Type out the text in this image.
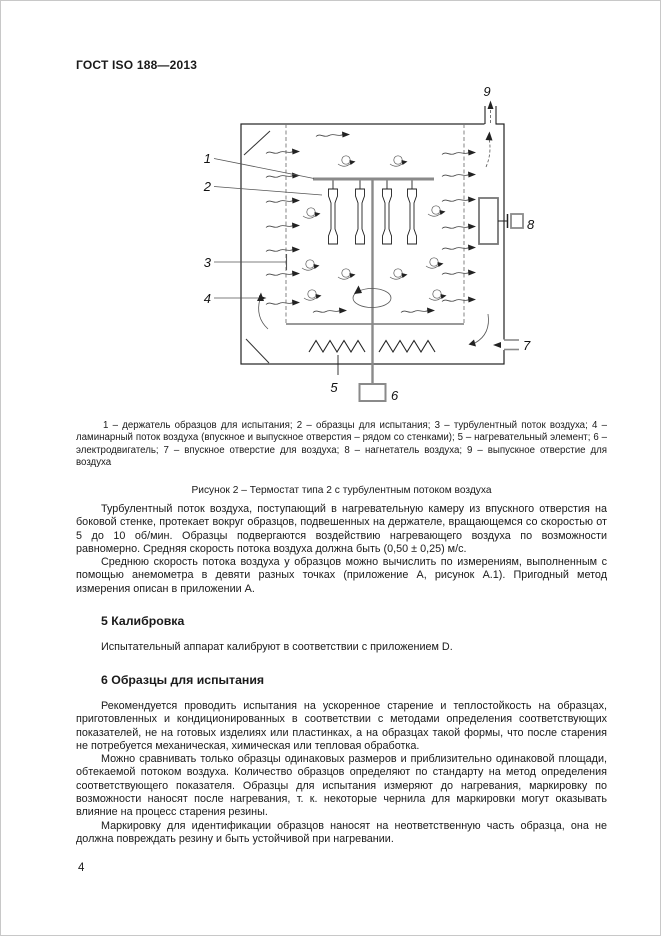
ГОСТ ISO 188—2013
1
2
3
4
5
6
7
8
9

1 – держатель образцов для испытания; 2 – образцы для испытания; 3 – турбулентный поток воздуха; 4 – ламинарный поток воздуха (впускное и выпускное отверстия – рядом со стенками); 5 – нагревательный элемент; 6 – электродвигатель; 7 – впускное отверстие для воздуха; 8 – нагнетатель воздуха; 9 – выпускное отверстие для воздуха

Рисунок 2 – Термостат типа 2 с турбулентным потоком воздуха

Турбулентный поток воздуха, поступающий в нагревательную камеру из впускного отверстия на боковой стенке, протекает вокруг образцов, подвешенных на держателе, вращающемся со скоростью от 5 до 10 об/мин. Образцы подвергаются воздействию нагревающего воздуха по возможности равномерно. Средняя скорость потока воздуха должна быть (0,50 ± 0,25) м/с.

Среднюю скорость потока воздуха у образцов можно вычислить по измерениям, выполненным с помощью анемометра в девяти разных точках (приложение А, рисунок А.1). Пригодный метод измерения описан в приложении А.

5 Калибровка

Испытательный аппарат калибруют в соответствии с приложением D.

6 Образцы для испытания

Рекомендуется проводить испытания на ускоренное старение и теплостойкость на образцах, приготовленных и кондиционированных в соответствии с методами определения соответствующих показателей, не на готовых изделиях или пластинках, а на образцах такой формы, что после старения не потребуется механическая, химическая или тепловая обработка.

Можно сравнивать только образцы одинаковых размеров и приблизительно одинаковой площади, обтекаемой потоком воздуха. Количество образцов определяют по стандарту на метод определения соответствующего показателя. Образцы для испытания измеряют до нагревания, маркировку по возможности наносят после нагревания, т. к. некоторые чернила для маркировки могут оказывать влияние на процесс старения резины.

Маркировку для идентификации образцов наносят на неответственную часть образца, она не должна повреждать резину и быть устойчивой при нагревании.

4
